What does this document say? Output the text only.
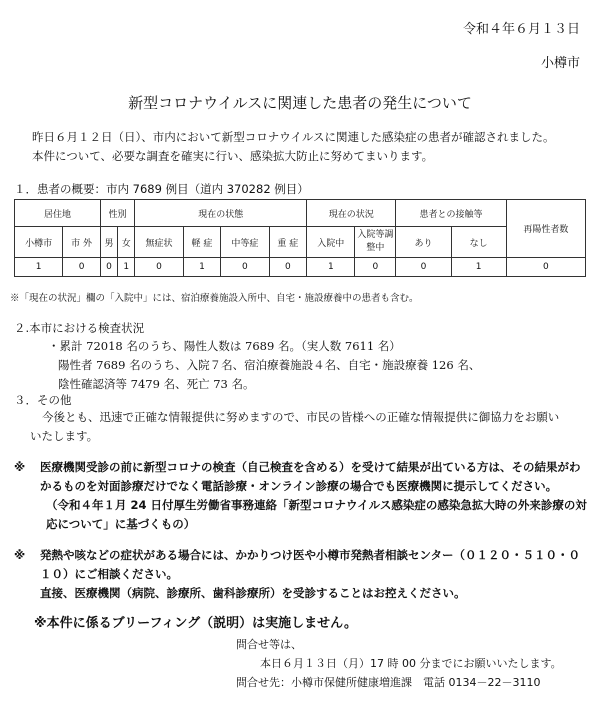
令和４年６月１３日
小樽市
新型コロナウイルスに関連した患者の発生について
昨日６月１２日（日）、市内において新型コロナウイルスに関連した感染症の患者が確認されました。
本件について、必要な調査を確実に行い、感染拡大防止に努めてまいります。
１．患者の概要：市内 7689 例目（道内 370282 例目）
居住地		性別		現在の状態				現在の状況		患者との接触等		再陽性者数
小樽市	市 外	男	女	無症状	軽 症	中等症	重 症	入院中	入院等調整中	あり	なし	
1	0	0	1	0	1	0	0	1	0	0	1	0
※「現在の状況」欄の「入院中」には、宿泊療養施設入所中、自宅・施設療養中の患者も含む。
２.本市における検査状況
・累計 72018 名のうち、陽性人数は 7689 名。（実人数 7611 名）
陽性者 7689 名のうち、入院７名、宿泊療養施設４名、自宅・施設療養 126 名、
陰性確認済等 7479 名、死亡 73 名。
３．その他
今後とも、迅速で正確な情報提供に努めますので、市民の皆様への正確な情報提供に御協力をお願いいたします。
※ 医療機関受診の前に新型コロナの検査（自己検査を含める）を受けて結果が出ている方は、その結果がわかるものを対面診療だけでなく電話診療・オンライン診療の場合でも医療機関に提示してください。
（令和４年１月 24 日付厚生労働省事務連絡「新型コロナウイルス感染症の感染急拡大時の外来診療の対応について」に基づくもの）
※ 発熱や咳などの症状がある場合には、かかりつけ医や小樽市発熱者相談センター（０１２０・５１０・０１０）にご相談ください。
直接、医療機関（病院、診療所、歯科診療所）を受診することはお控えください。
※本件に係るブリーフィング（説明）は実施しません。
問合せ等は、
本日６月１３日（月）17 時 00 分までにお願いいたします。
問合せ先：小樽市保健所健康増進課　電話 0134－22－3110
